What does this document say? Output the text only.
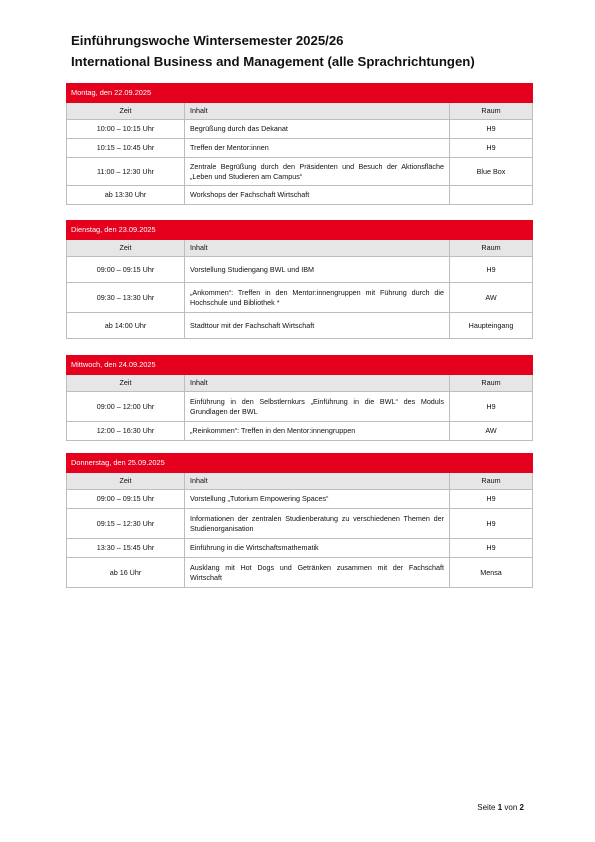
Einführungswoche Wintersemester 2025/26
International Business and Management (alle Sprachrichtungen)
Montag, den 22.09.2025		
Zeit	Inhalt	Raum
10:00 – 10:15 Uhr	Begrüßung durch das Dekanat	H9
10:15 – 10:45 Uhr	Treffen der Mentor:innen	H9
11:00 – 12:30 Uhr	Zentrale Begrüßung durch den Präsidenten und Besuch der Aktionsfläche „Leben und Studieren am Campus“	Blue Box
ab 13:30 Uhr	Workshops der Fachschaft Wirtschaft	
Dienstag, den 23.09.2025		
Zeit	Inhalt	Raum
09:00 – 09:15 Uhr	Vorstellung Studiengang BWL und IBM	H9
09:30 – 13:30 Uhr	„Ankommen“: Treffen in den Mentor:innengruppen mit Führung durch die Hochschule und Bibliothek *	AW
ab 14:00 Uhr	Stadttour mit der Fachschaft Wirtschaft	Haupteingang
Mittwoch, den 24.09.2025		
Zeit	Inhalt	Raum
09:00 – 12:00 Uhr	Einführung in den Selbstlernkurs „Einführung in die BWL“ des Moduls Grundlagen der BWL	H9
12:00 – 16:30 Uhr	„Reinkommen“: Treffen in den Mentor:innengruppen	AW
Donnerstag, den 25.09.2025		
Zeit	Inhalt	Raum
09:00 – 09:15 Uhr	Vorstellung „Tutorium Empowering Spaces“	H9
09:15 – 12:30 Uhr	Informationen der zentralen Studienberatung zu verschiedenen Themen der Studienorganisation	H9
13:30 – 15:45 Uhr	Einführung in die Wirtschaftsmathematik	H9
ab 16 Uhr	Ausklang mit Hot Dogs und Getränken zusammen mit der Fachschaft Wirtschaft	Mensa
Seite 1 von 2
